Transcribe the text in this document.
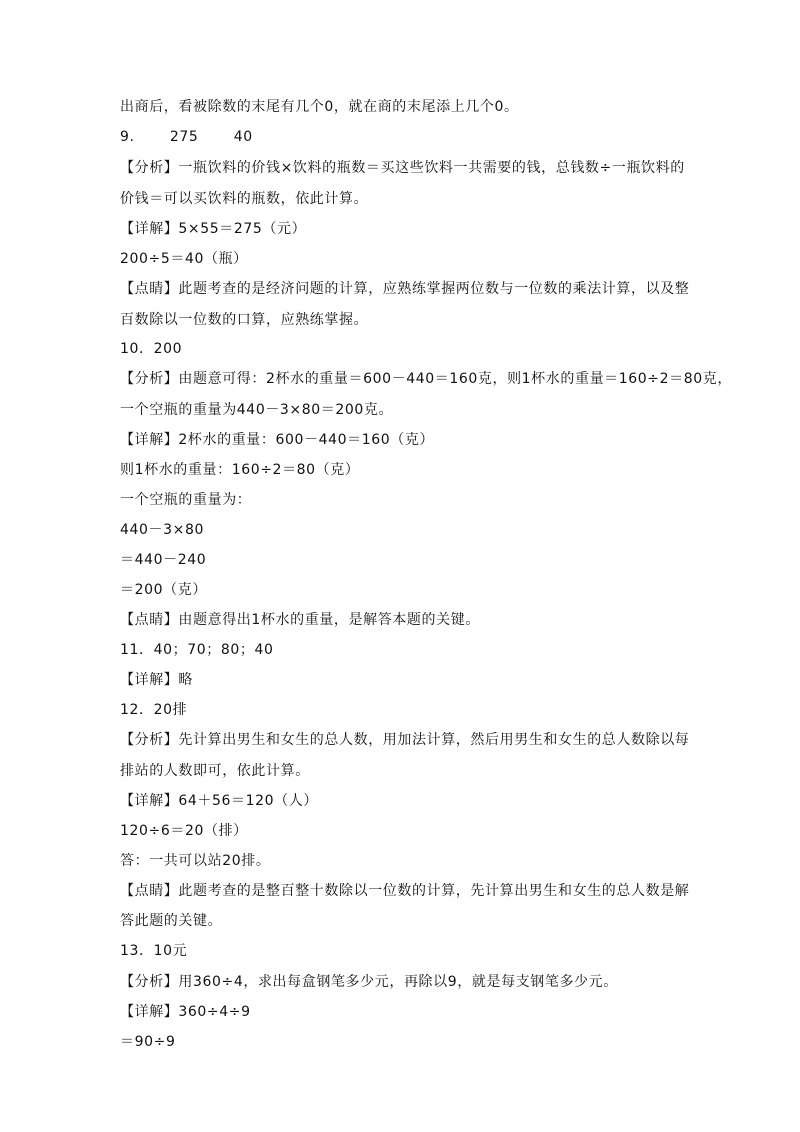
出商后，看被除数的末尾有几个0，就在商的末尾添上几个0。
9.       275       40
【分析】一瓶饮料的价钱×饮料的瓶数＝买这些饮料一共需要的钱，总钱数÷一瓶饮料的
价钱＝可以买饮料的瓶数，依此计算。
【详解】5×55＝275（元）
200÷5＝40（瓶）
【点睛】此题考查的是经济问题的计算，应熟练掌握两位数与一位数的乘法计算，以及整
百数除以一位数的口算，应熟练掌握。
10．200
【分析】由题意可得：2杯水的重量＝600－440＝160克，则1杯水的重量＝160÷2＝80克，
一个空瓶的重量为440－3×80＝200克。
【详解】2杯水的重量：600－440＝160（克）
则1杯水的重量：160÷2＝80（克）
一个空瓶的重量为：
440－3×80
＝440－240
＝200（克）
【点睛】由题意得出1杯水的重量，是解答本题的关键。
11．40；70；80；40
【详解】略
12．20排
【分析】先计算出男生和女生的总人数，用加法计算，然后用男生和女生的总人数除以每
排站的人数即可，依此计算。
【详解】64＋56＝120（人）
120÷6＝20（排）
答：一共可以站20排。
【点睛】此题考查的是整百整十数除以一位数的计算，先计算出男生和女生的总人数是解
答此题的关键。
13．10元
【分析】用360÷4，求出每盒钢笔多少元，再除以9，就是每支钢笔多少元。
【详解】360÷4÷9
＝90÷9
